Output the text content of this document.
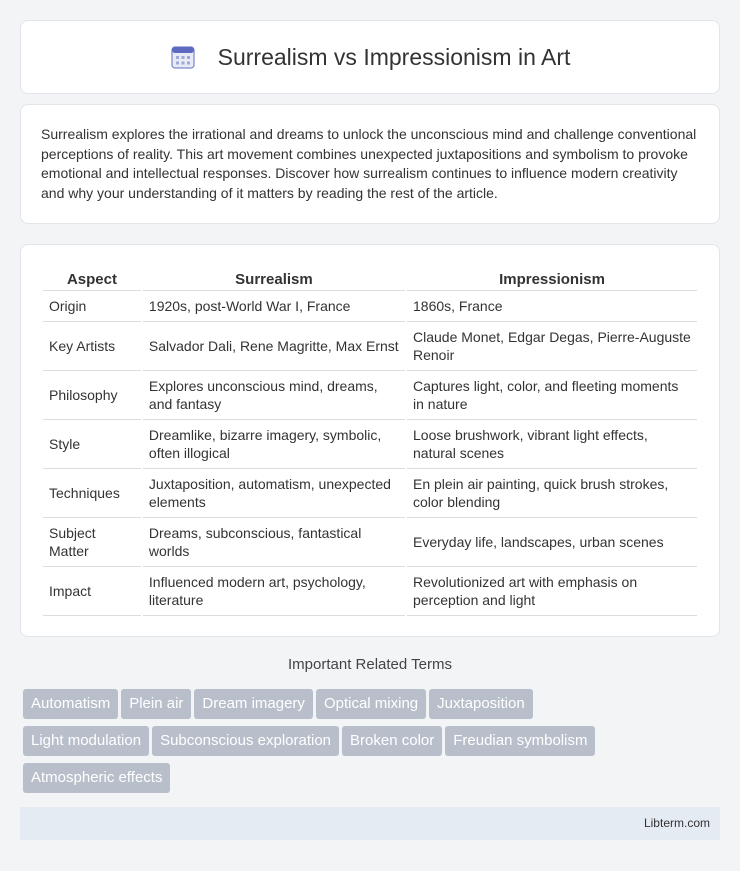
Surrealism vs Impressionism in Art

Surrealism explores the irrational and dreams to unlock the unconscious mind and challenge conventional perceptions of reality. This art movement combines unexpected juxtapositions and symbolism to provoke emotional and intellectual responses. Discover how surrealism continues to influence modern creativity and why your understanding of it matters by reading the rest of the article.

Aspect	Surrealism	Impressionism
Origin	1920s, post-World War I, France	1860s, France
Key Artists	Salvador Dali, Rene Magritte, Max Ernst	Claude Monet, Edgar Degas, Pierre-Auguste Renoir
Philosophy	Explores unconscious mind, dreams, and fantasy	Captures light, color, and fleeting moments in nature
Style	Dreamlike, bizarre imagery, symbolic, often illogical	Loose brushwork, vibrant light effects, natural scenes
Techniques	Juxtaposition, automatism, unexpected elements	En plein air painting, quick brush strokes, color blending
Subject Matter	Dreams, subconscious, fantastical worlds	Everyday life, landscapes, urban scenes
Impact	Influenced modern art, psychology, literature	Revolutionized art with emphasis on perception and light
Important Related Terms
Automatism Plein air Dream imagery Optical mixing Juxtaposition
Light modulation Subconscious exploration Broken color Freudian symbolism
Atmospheric effects
Libterm.com
